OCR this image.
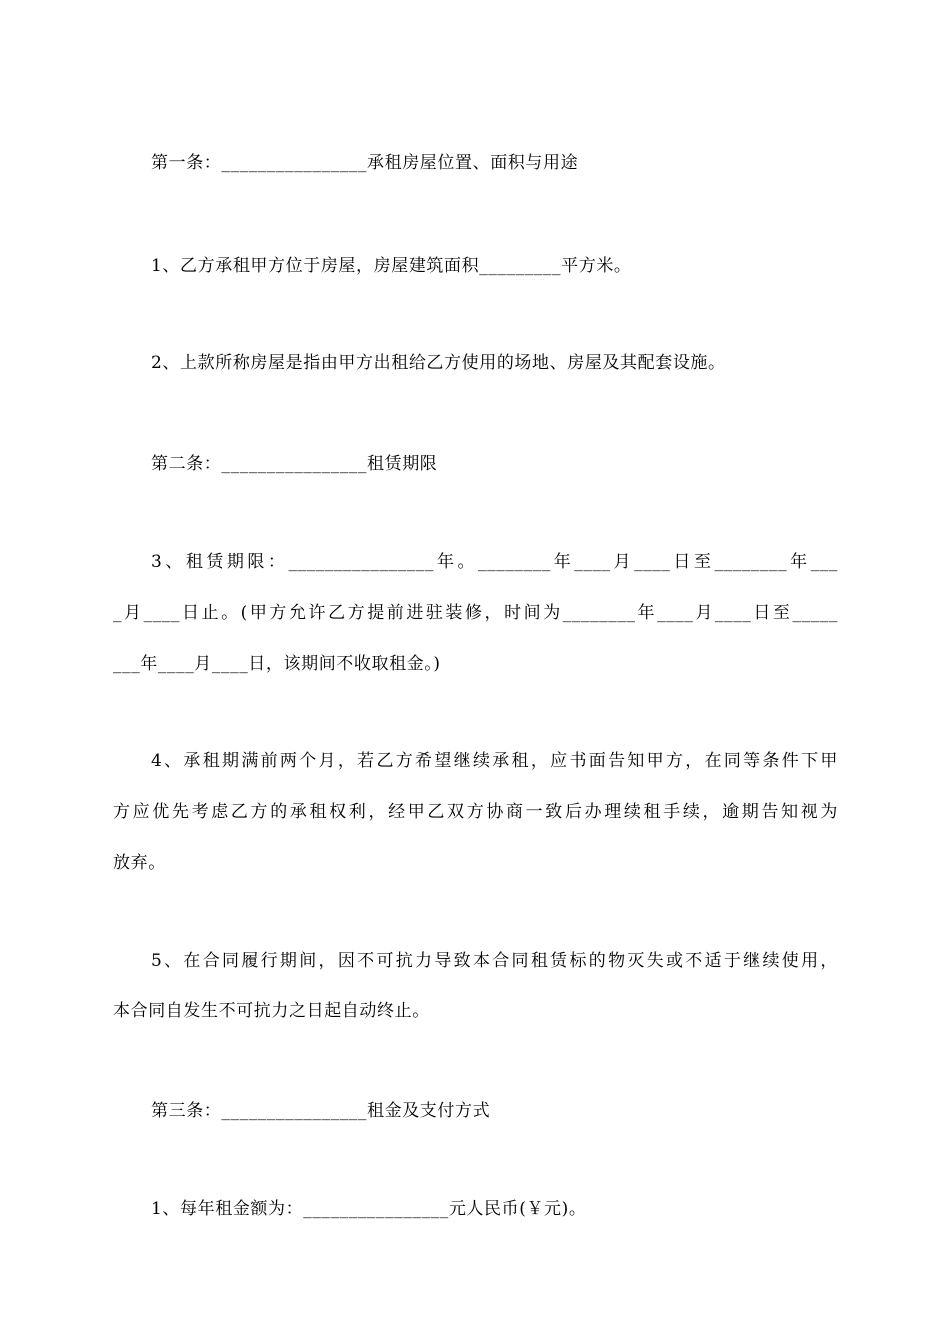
第一条：________________承租房屋位置、面积与用途
1、乙方承租甲方位于房屋，房屋建筑面积_________平方米。
2、上款所称房屋是指由甲方出租给乙方使用的场地、房屋及其配套设施。
第二条：________________租赁期限
3、租赁期限：________________年。________年____月____日至________年___
_月____日止。(甲方允许乙方提前进驻装修，时间为________年____月____日至_____
___年____月____日，该期间不收取租金。)
4、承租期满前两个月，若乙方希望继续承租，应书面告知甲方，在同等条件下甲
方应优先考虑乙方的承租权利，经甲乙双方协商一致后办理续租手续，逾期告知视为
放弃。
5、在合同履行期间，因不可抗力导致本合同租赁标的物灭失或不适于继续使用，
本合同自发生不可抗力之日起自动终止。
第三条：________________租金及支付方式
1、每年租金额为：________________元人民币(￥元)。
